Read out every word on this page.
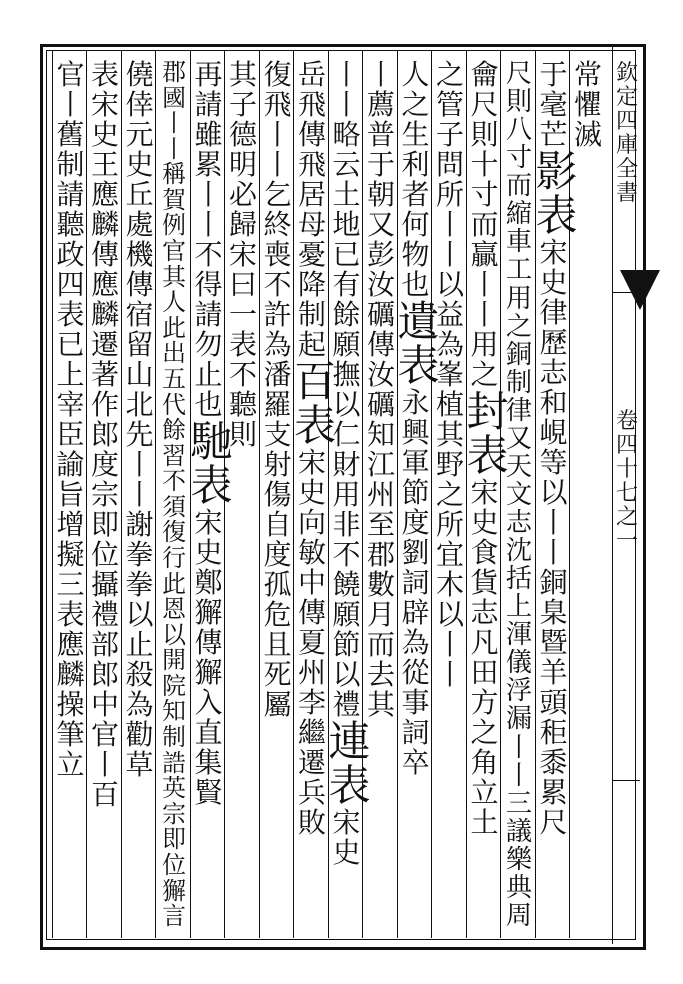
欽
定
四
庫
全
書
卷
四
十
七
之
一
常
懼
滅
于
毫
芒
影
表
宋
史
律
歷
志
和
峴
等
以
丨
丨
銅
臬
暨
羊
頭
秬
黍
累
尺
尺
則
八
寸
而
縮
車
工
用
之
銅
制
律
又
天
文
志
沈
括
上
渾
儀
浮
漏
丨
丨
三
議
樂
典
周
龠
尺
則
十
寸
而
贏
丨
丨
用
之
封
表
宋
史
食
貨
志
凡
田
方
之
角
立
土
之
管
子
問
所
丨
丨
以
益
為
峯
植
其
野
之
所
宜
木
以
丨
丨
人
之
生
利
者
何
物
也
遺
表
永
興
軍
節
度
劉
詞
辟
為
從
事
詞
卒
丨
薦
普
于
朝
又
彭
汝
礪
傳
汝
礪
知
江
州
至
郡
數
月
而
去
其
丨
丨
略
云
土
地
已
有
餘
願
撫
以
仁
財
用
非
不
饒
願
節
以
禮
連
表
宋
史
岳
飛
傳
飛
居
母
憂
降
制
起
百
表
宋
史
向
敏
中
傳
夏
州
李
繼
遷
兵
敗
復
飛
丨
丨
乞
終
喪
不
許
為
潘
羅
支
射
傷
自
度
孤
危
且
死
屬
其
子
德
明
必
歸
宋
曰
一
表
不
聽
則
再
請
雖
累
丨
丨
不
得
請
勿
止
也
馳
表
宋
史
鄭
獬
傳
獬
入
直
集
賢
郡
國
丨
丨
稱
賀
例
官
其
人
此
出
五
代
餘
習
不
須
復
行
此
恩
以
開
院
知
制
誥
英
宗
即
位
獬
言
僥
倖
元
史
丘
處
機
傳
宿
留
山
北
先
丨
丨
謝
拳
拳
以
止
殺
為
勸
草
表
宋
史
王
應
麟
傳
應
麟
遷
著
作
郎
度
宗
即
位
攝
禮
部
郎
中
官
丨
百
官
丨
舊
制
請
聽
政
四
表
已
上
宰
臣
諭
旨
增
擬
三
表
應
麟
操
筆
立
